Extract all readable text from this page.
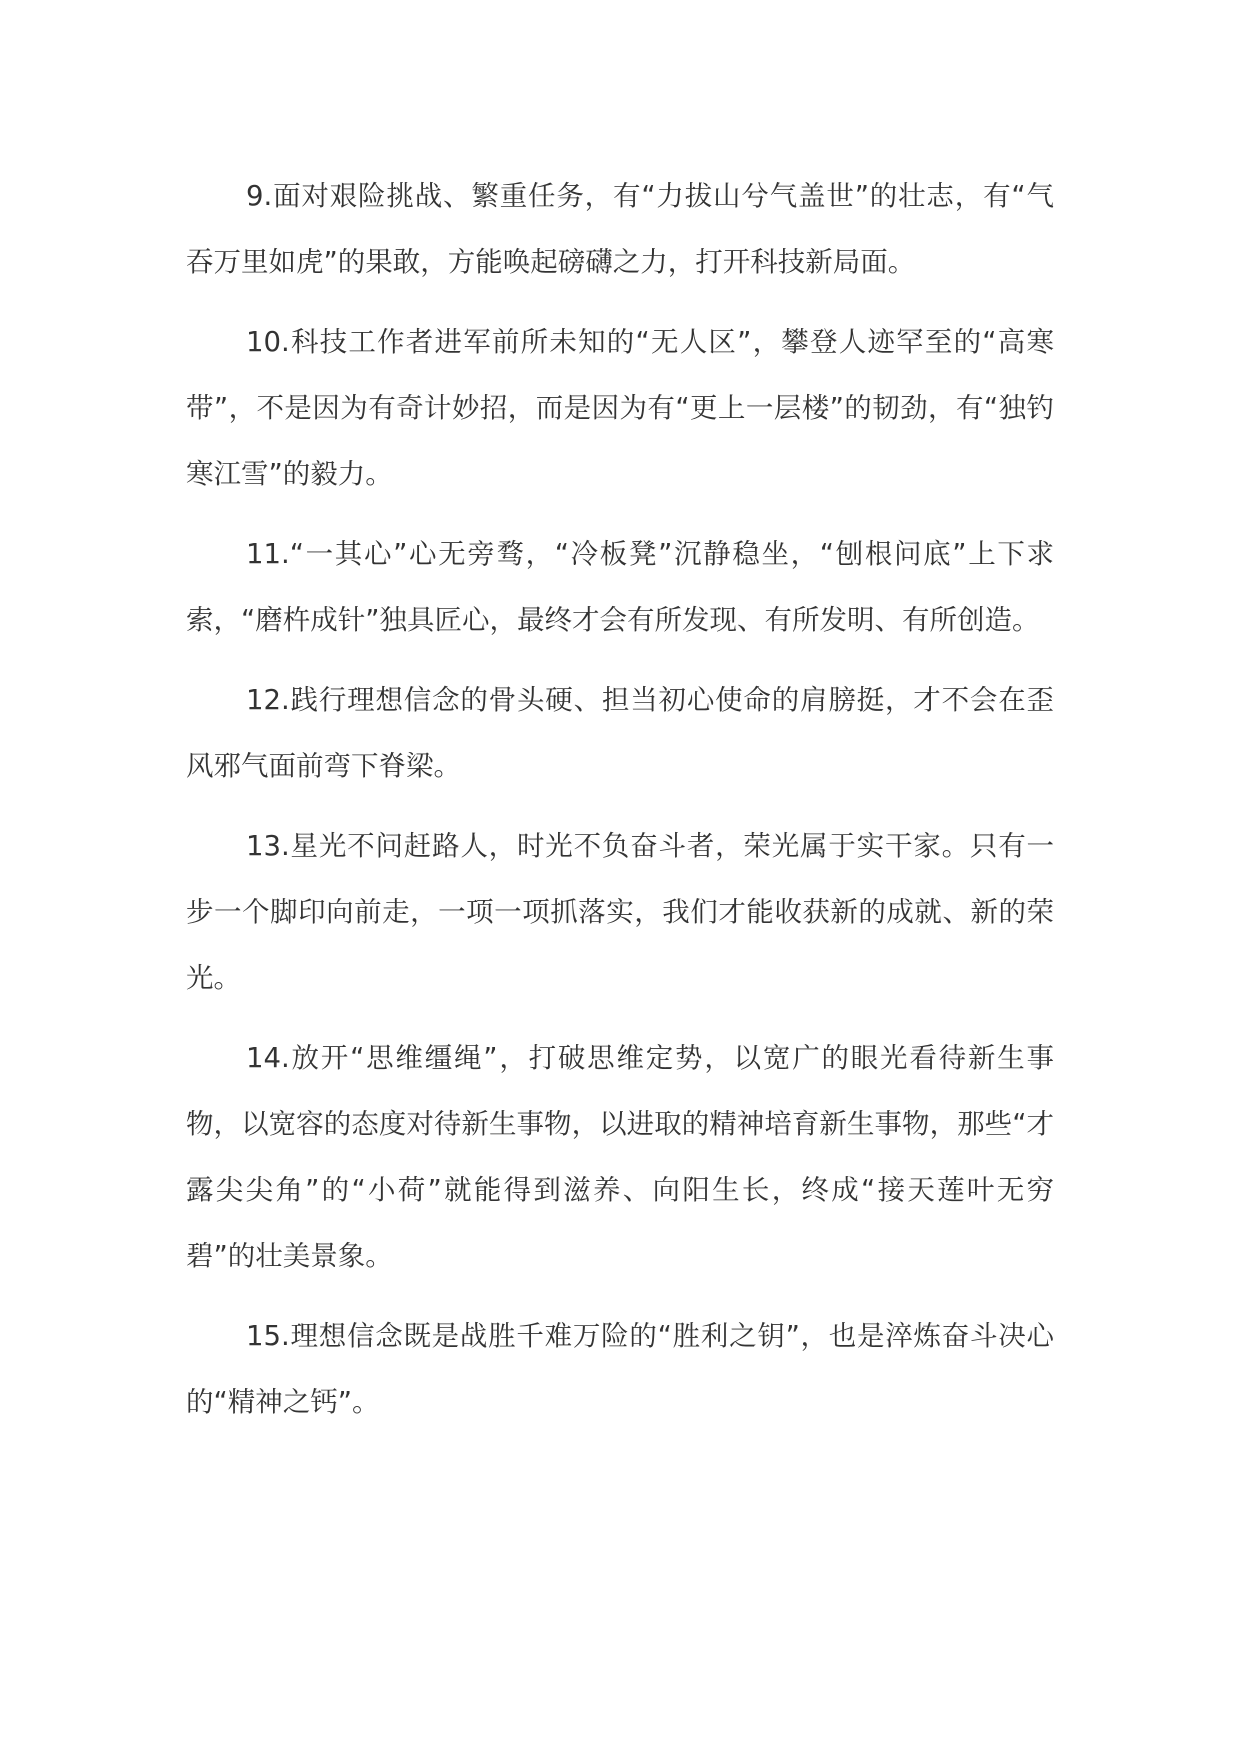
9.面对艰险挑战、繁重任务，有“力拔山兮气盖世”的壮志，有“气吞万里如虎”的果敢，方能唤起磅礴之力，打开科技新局面。

10.科技工作者进军前所未知的“无人区”，攀登人迹罕至的“高寒带”，不是因为有奇计妙招，而是因为有“更上一层楼”的韧劲，有“独钓寒江雪”的毅力。

11.“一其心”心无旁骛，“冷板凳”沉静稳坐，“刨根问底”上下求索，“磨杵成针”独具匠心，最终才会有所发现、有所发明、有所创造。

12.践行理想信念的骨头硬、担当初心使命的肩膀挺，才不会在歪风邪气面前弯下脊梁。

13.星光不问赶路人，时光不负奋斗者，荣光属于实干家。只有一步一个脚印向前走，一项一项抓落实，我们才能收获新的成就、新的荣光。

14.放开“思维缰绳”，打破思维定势，以宽广的眼光看待新生事物，以宽容的态度对待新生事物，以进取的精神培育新生事物，那些“才露尖尖角”的“小荷”就能得到滋养、向阳生长，终成“接天莲叶无穷碧”的壮美景象。

15.理想信念既是战胜千难万险的“胜利之钥”，也是淬炼奋斗决心的“精神之钙”。
